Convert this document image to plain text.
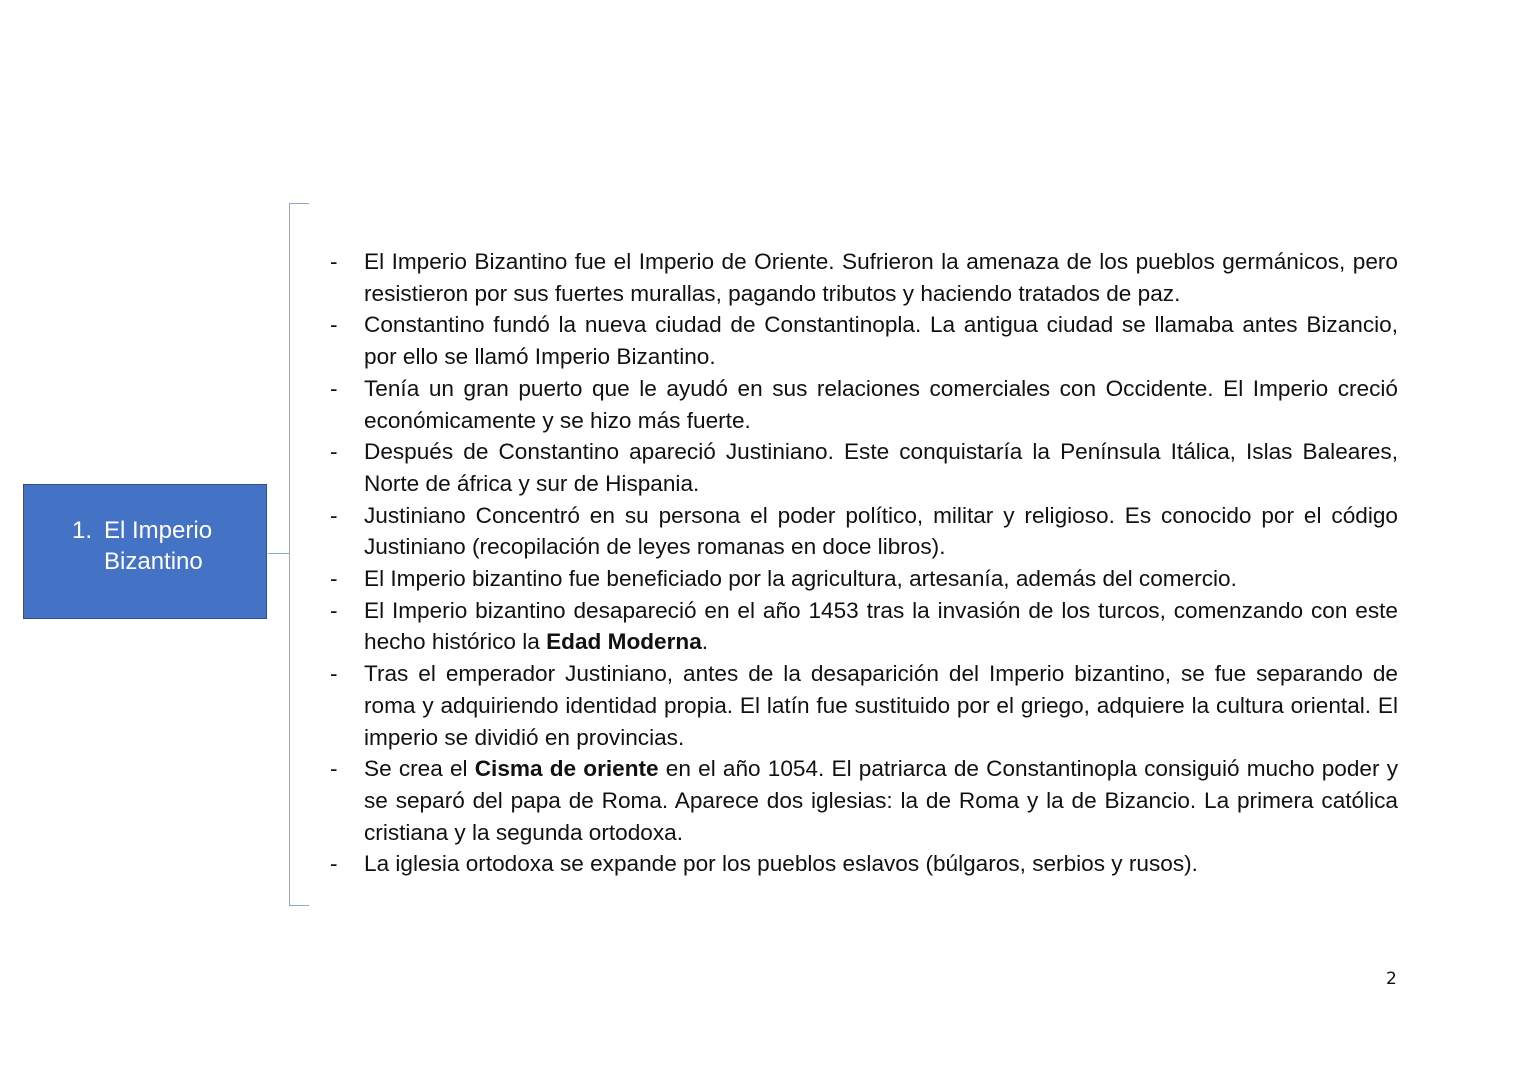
1. El Imperio
Bizantino
- El Imperio Bizantino fue el Imperio de Oriente. Sufrieron la amenaza de los pueblos germánicos, pero resistieron por sus fuertes murallas, pagando tributos y haciendo tratados de paz.
- Constantino fundó la nueva ciudad de Constantinopla. La antigua ciudad se llamaba antes Bizancio, por ello se llamó Imperio Bizantino.
- Tenía un gran puerto que le ayudó en sus relaciones comerciales con Occidente. El Imperio creció económicamente y se hizo más fuerte.
- Después de Constantino apareció Justiniano. Este conquistaría la Península Itálica, Islas Baleares, Norte de áfrica y sur de Hispania.
- Justiniano Concentró en su persona el poder político, militar y religioso. Es conocido por el código Justiniano (recopilación de leyes romanas en doce libros).
- El Imperio bizantino fue beneficiado por la agricultura, artesanía, además del comercio.
- El Imperio bizantino desapareció en el año 1453 tras la invasión de los turcos, comenzando con este hecho histórico la Edad Moderna.
- Tras el emperador Justiniano, antes de la desaparición del Imperio bizantino, se fue separando de roma y adquiriendo identidad propia. El latín fue sustituido por el griego, adquiere la cultura oriental. El imperio se dividió en provincias.
- Se crea el Cisma de oriente en el año 1054. El patriarca de Constantinopla consiguió mucho poder y se separó del papa de Roma. Aparece dos iglesias: la de Roma y la de Bizancio. La primera católica cristiana y la segunda ortodoxa.
- La iglesia ortodoxa se expande por los pueblos eslavos (búlgaros, serbios y rusos).
2
